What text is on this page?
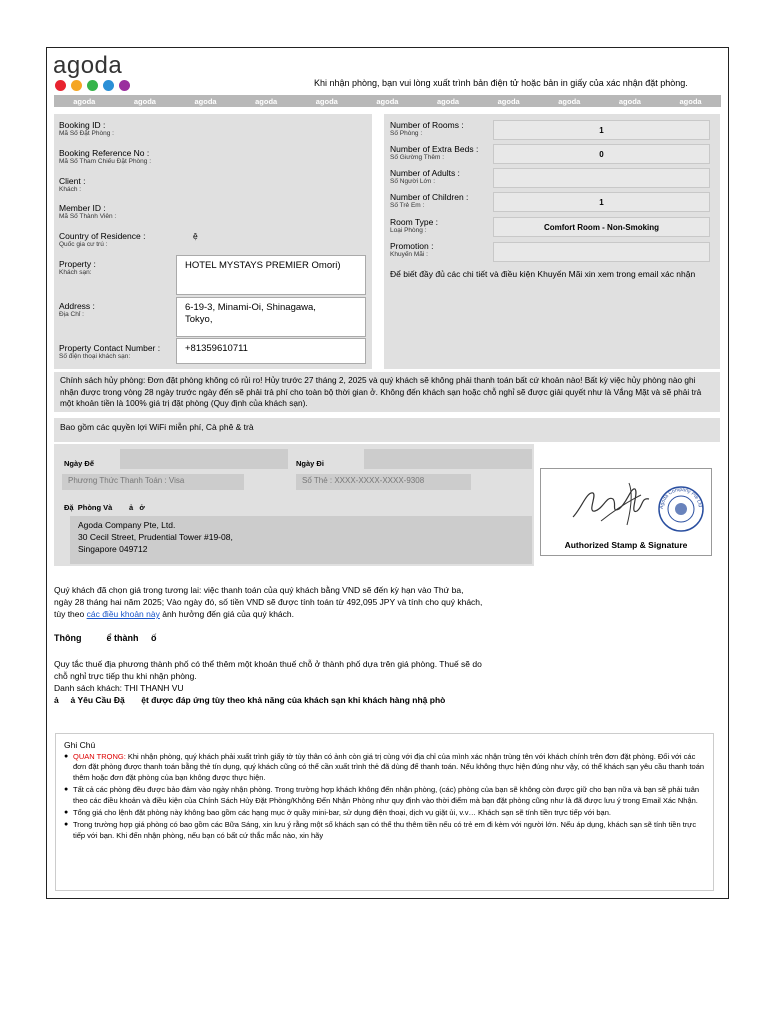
agoda
Khi nhận phòng, bạn vui lòng xuất trình bản điện tử hoặc bản in giấy của xác nhận đặt phòng.
agoda	agoda	agoda	agoda	agoda	agoda	agoda	agoda	agoda	agoda	agoda
Booking ID :
Mã Số Đặt Phòng :
Booking Reference No :
Mã Số Tham Chiếu Đặt Phòng :
Client :
Khách :
Member ID :
Mã Số Thành Viên :
Country of Residence :
Quốc gia cư trú :
ệ
Property :
Khách sạn:
HOTEL MYSTAYS PREMIER Omori)
Address :
Địa Chỉ :
6-19-3, Minami-Oi, Shinagawa,
Tokyo,
Property Contact Number :
Số điện thoại khách sạn:
+81359610711
Number of Rooms :
Số Phòng :	1
Number of Extra Beds :
Số Giường Thêm :	0
Number of Adults :
Số Người Lớn :
Number of Children :
Số Trẻ Em :	1
Room Type :
Loại Phòng :	Comfort Room - Non-Smoking
Promotion :
Khuyến Mãi :
Để biết đầy đủ các chi tiết và điều kiện Khuyến Mãi xin xem trong email xác nhận
Chính sách hủy phòng: Đơn đặt phòng không có rủi ro! Hủy trước 27 tháng 2, 2025 và quý khách sẽ không phải thanh toán bất cứ khoản nào! Bất kỳ việc hủy phòng nào ghi nhận được trong vòng 28 ngày trước ngày đến sẽ phải trả phí cho toàn bộ thời gian ở. Không đến khách sạn hoặc chỗ nghỉ sẽ được giải quyết như là Vắng Mặt và sẽ phải trả một khoản tiền là 100% giá trị đặt phòng (Quy định của khách sạn).
Bao gồm các quyền lợi WiFi miễn phí, Cà phê & trà
Ngày Đế	Ngày Đi
Phương Thức Thanh Toán : Visa	Số Thẻ : XXXX-XXXX-XXXX-9308
Đặ  Phòng Và        ả   ở
Agoda Company Pte, Ltd.
30 Cecil Street, Prudential Tower #19-08,
Singapore 049712
Agoda Company Pte Ltd
Authorized Stamp & Signature
Quý khách đã chọn giá trong tương lai: việc thanh toán của quý khách bằng VND sẽ đến kỳ hạn vào Thứ ba, ngày 28 tháng hai năm 2025; Vào ngày đó, số tiền VND sẽ được tính toán từ 492,095 JPY và tính cho quý khách, tùy theo các điều khoản này ảnh hưởng đến giá của quý khách.
Thông          ể thành     ố
Quy tắc thuế địa phương thành phố có thể thêm một khoản thuế chỗ ở thành phố dựa trên giá phòng. Thuế sẽ do chỗ nghỉ trực tiếp thu khi nhận phòng.
Danh sách khách: THI THANH VU
ả     ả Yêu Cầu Đặ       ệt được đáp ứng tùy theo khả năng của khách sạn khi khách hàng nhậ phò
Ghi Chú
● QUAN TRỌNG: Khi nhận phòng, quý khách phải xuất trình giấy tờ tùy thân có ảnh còn giá trị cùng với địa chỉ của mình xác nhận trùng tên với khách chính trên đơn đặt phòng. Đối với các đơn đặt phòng được thanh toán bằng thẻ tín dụng, quý khách cũng có thể cần xuất trình thẻ đã dùng để thanh toán. Nếu không thực hiện đúng như vậy, có thể khách sạn yêu cầu thanh toán thêm hoặc đơn đặt phòng của bạn không được thực hiện.
● Tất cả các phòng đều được bảo đảm vào ngày nhận phòng. Trong trường hợp khách không đến nhận phòng, (các) phòng của bạn sẽ không còn được giữ cho bạn nữa và bạn sẽ phải tuân theo các điều khoản và điều kiện của Chính Sách Hủy Đặt Phòng/Không Đến Nhận Phòng như quy định vào thời điểm mà bạn đặt phòng cũng như là đã được lưu ý trong Email Xác Nhận.
● Tổng giá cho lệnh đặt phòng này không bao gồm các hạng mục ở quầy mini-bar, sử dụng điện thoại, dịch vụ giặt ủi, v.v… Khách sạn sẽ tính tiền trực tiếp với bạn.
● Trong trường hợp giá phòng có bao gồm các Bữa Sáng, xin lưu ý rằng một số khách sạn có thể thu thêm tiền nếu có trẻ em đi kèm với người lớn. Nếu áp dụng, khách sạn sẽ tính tiền trực tiếp với bạn. Khi đến nhận phòng, nếu bạn có bất cứ thắc mắc nào, xin hãy
